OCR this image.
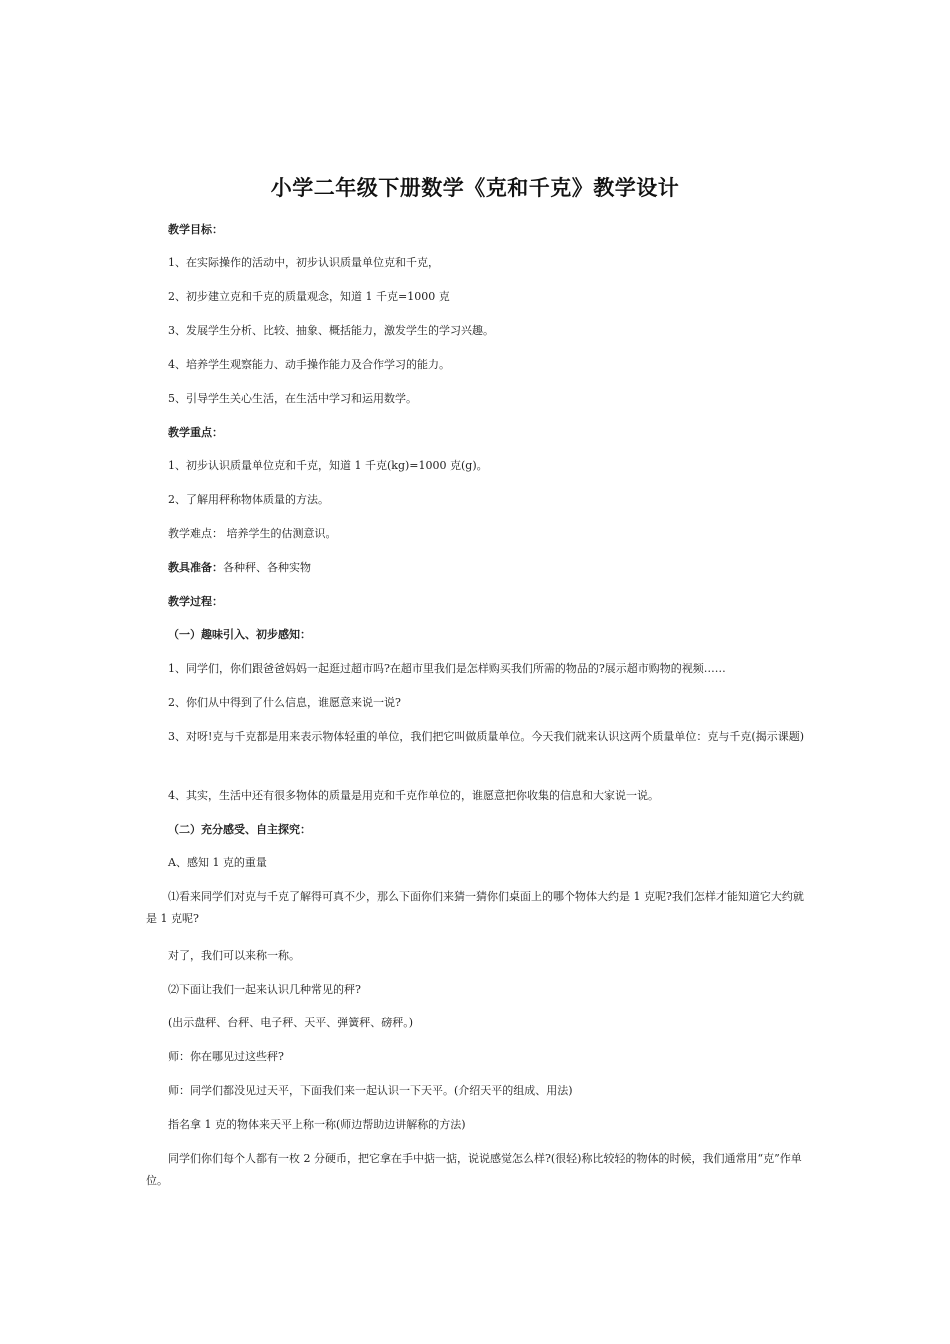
小学二年级下册数学《克和千克》教学设计
教学目标：
1、在实际操作的活动中，初步认识质量单位克和千克，
2、初步建立克和千克的质量观念，知道 1 千克=1000 克
3、发展学生分析、比较、抽象、概括能力，激发学生的学习兴趣。
4、培养学生观察能力、动手操作能力及合作学习的能力。
5、引导学生关心生活，在生活中学习和运用数学。
教学重点：
1、初步认识质量单位克和千克，知道 1 千克(kg)=1000 克(g)。
2、了解用秤称物体质量的方法。
教学难点： 培养学生的估测意识。
教具准备：各种秤、各种实物
教学过程：
（一）趣味引入、初步感知：
1、同学们，你们跟爸爸妈妈一起逛过超市吗?在超市里我们是怎样购买我们所需的物品的?展示超市购物的视频……
2、你们从中得到了什么信息，谁愿意来说一说?
3、对呀!克与千克都是用来表示物体轻重的单位，我们把它叫做质量单位。今天我们就来认识这两个质量单位：克与千克(揭示课题)
4、其实，生活中还有很多物体的质量是用克和千克作单位的，谁愿意把你收集的信息和大家说一说。
（二）充分感受、自主探究：
A、感知 1 克的重量
⑴看来同学们对克与千克了解得可真不少，那么下面你们来猜一猜你们桌面上的哪个物体大约是 1 克呢?我们怎样才能知道它大约就是 1 克呢?
对了，我们可以来称一称。
⑵下面让我们一起来认识几种常见的秤?
(出示盘秤、台秤、电子秤、天平、弹簧秤、磅秤。)
师：你在哪见过这些秤?
师：同学们都没见过天平，下面我们来一起认识一下天平。(介绍天平的组成、用法)
指名拿 1 克的物体来天平上称一称(师边帮助边讲解称的方法)
同学们你们每个人都有一枚 2 分硬币，把它拿在手中掂一掂，说说感觉怎么样?(很轻)称比较轻的物体的时候，我们通常用“克”作单位。
